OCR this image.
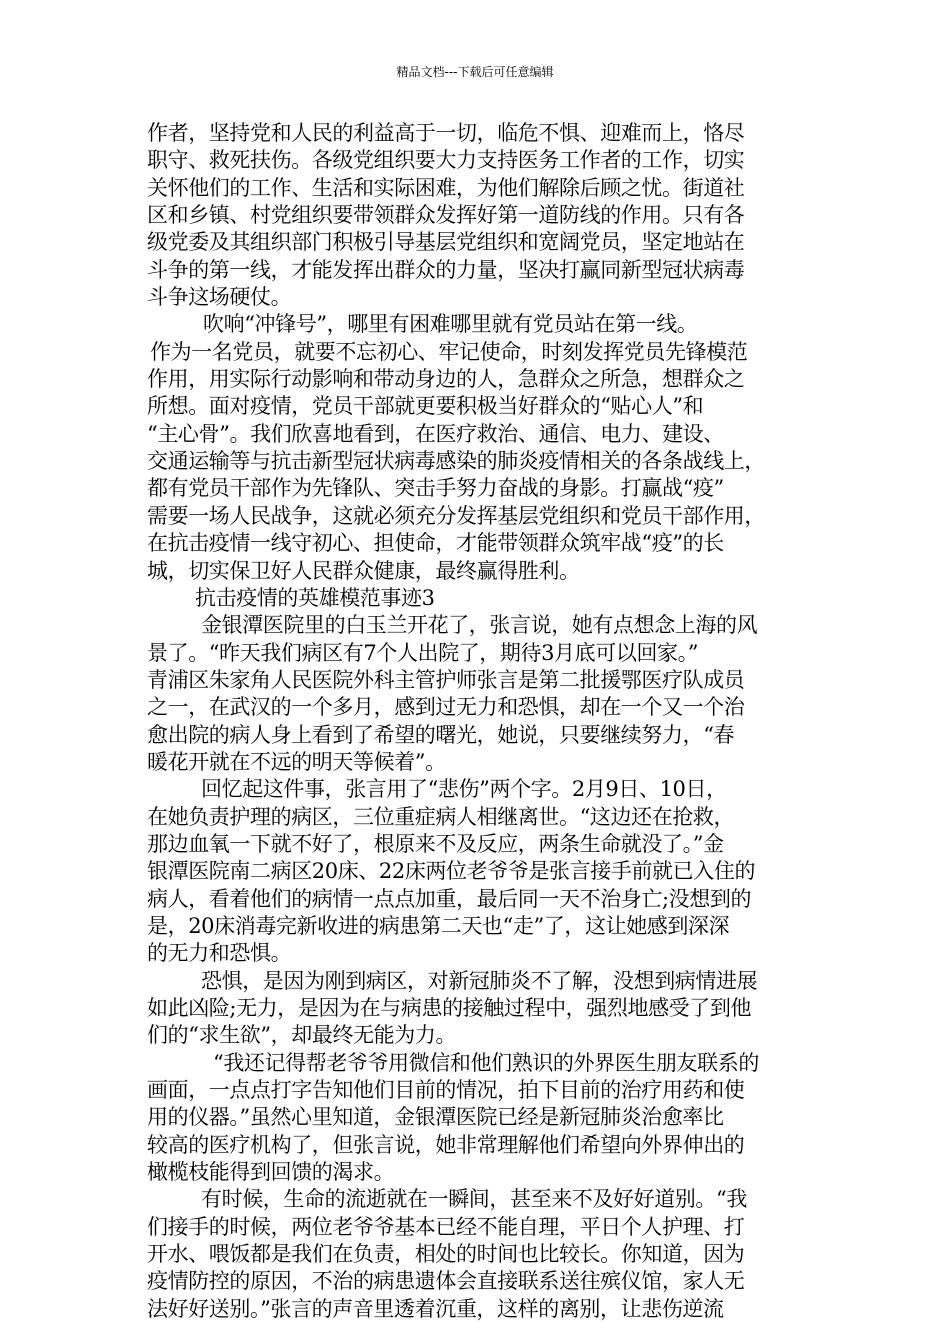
精品文档---下载后可任意编辑
作者，坚持党和人民的利益高于一切，临危不惧、迎难而上，恪尽
职守、救死扶伤。各级党组织要大力支持医务工作者的工作，切实
关怀他们的工作、生活和实际困难，为他们解除后顾之忧。街道社
区和乡镇、村党组织要带领群众发挥好第一道防线的作用。只有各
级党委及其组织部门积极引导基层党组织和宽阔党员，坚定地站在
斗争的第一线，才能发挥出群众的力量，坚决打赢同新型冠状病毒
斗争这场硬仗。
吹响“冲锋号”，哪里有困难哪里就有党员站在第一线。
作为一名党员，就要不忘初心、牢记使命，时刻发挥党员先锋模范
作用，用实际行动影响和带动身边的人，急群众之所急，想群众之
所想。面对疫情，党员干部就更要积极当好群众的“贴心人”和
“主心骨”。我们欣喜地看到，在医疗救治、通信、电力、建设、
交通运输等与抗击新型冠状病毒感染的肺炎疫情相关的各条战线上，
都有党员干部作为先锋队、突击手努力奋战的身影。打赢战“疫”
需要一场人民战争，这就必须充分发挥基层党组织和党员干部作用，
在抗击疫情一线守初心、担使命，才能带领群众筑牢战“疫”的长
城，切实保卫好人民群众健康，最终赢得胜利。
抗击疫情的英雄模范事迹3
金银潭医院里的白玉兰开花了，张言说，她有点想念上海的风
景了。“昨天我们病区有7个人出院了，期待3月底可以回家。”
青浦区朱家角人民医院外科主管护师张言是第二批援鄂医疗队成员
之一，在武汉的一个多月，感到过无力和恐惧，却在一个又一个治
愈出院的病人身上看到了希望的曙光，她说，只要继续努力，“春
暖花开就在不远的明天等候着”。
回忆起这件事，张言用了“悲伤”两个字。2月9日、10日，
在她负责护理的病区，三位重症病人相继离世。“这边还在抢救，
那边血氧一下就不好了，根原来不及反应，两条生命就没了。”金
银潭医院南二病区20床、22床两位老爷爷是张言接手前就已入住的
病人，看着他们的病情一点点加重，最后同一天不治身亡;没想到的
是，20床消毒完新收进的病患第二天也“走”了，这让她感到深深
的无力和恐惧。
恐惧，是因为刚到病区，对新冠肺炎不了解，没想到病情进展
如此凶险;无力，是因为在与病患的接触过程中，强烈地感受了到他
们的“求生欲”，却最终无能为力。
“我还记得帮老爷爷用微信和他们熟识的外界医生朋友联系的
画面，一点点打字告知他们目前的情况，拍下目前的治疗用药和使
用的仪器。”虽然心里知道，金银潭医院已经是新冠肺炎治愈率比
较高的医疗机构了，但张言说，她非常理解他们希望向外界伸出的
橄榄枝能得到回馈的渴求。
有时候，生命的流逝就在一瞬间，甚至来不及好好道别。“我
们接手的时候，两位老爷爷基本已经不能自理，平日个人护理、打
开水、喂饭都是我们在负责，相处的时间也比较长。你知道，因为
疫情防控的原因，不治的病患遗体会直接联系送往殡仪馆，家人无
法好好送别。”张言的声音里透着沉重，这样的离别，让悲伤逆流
